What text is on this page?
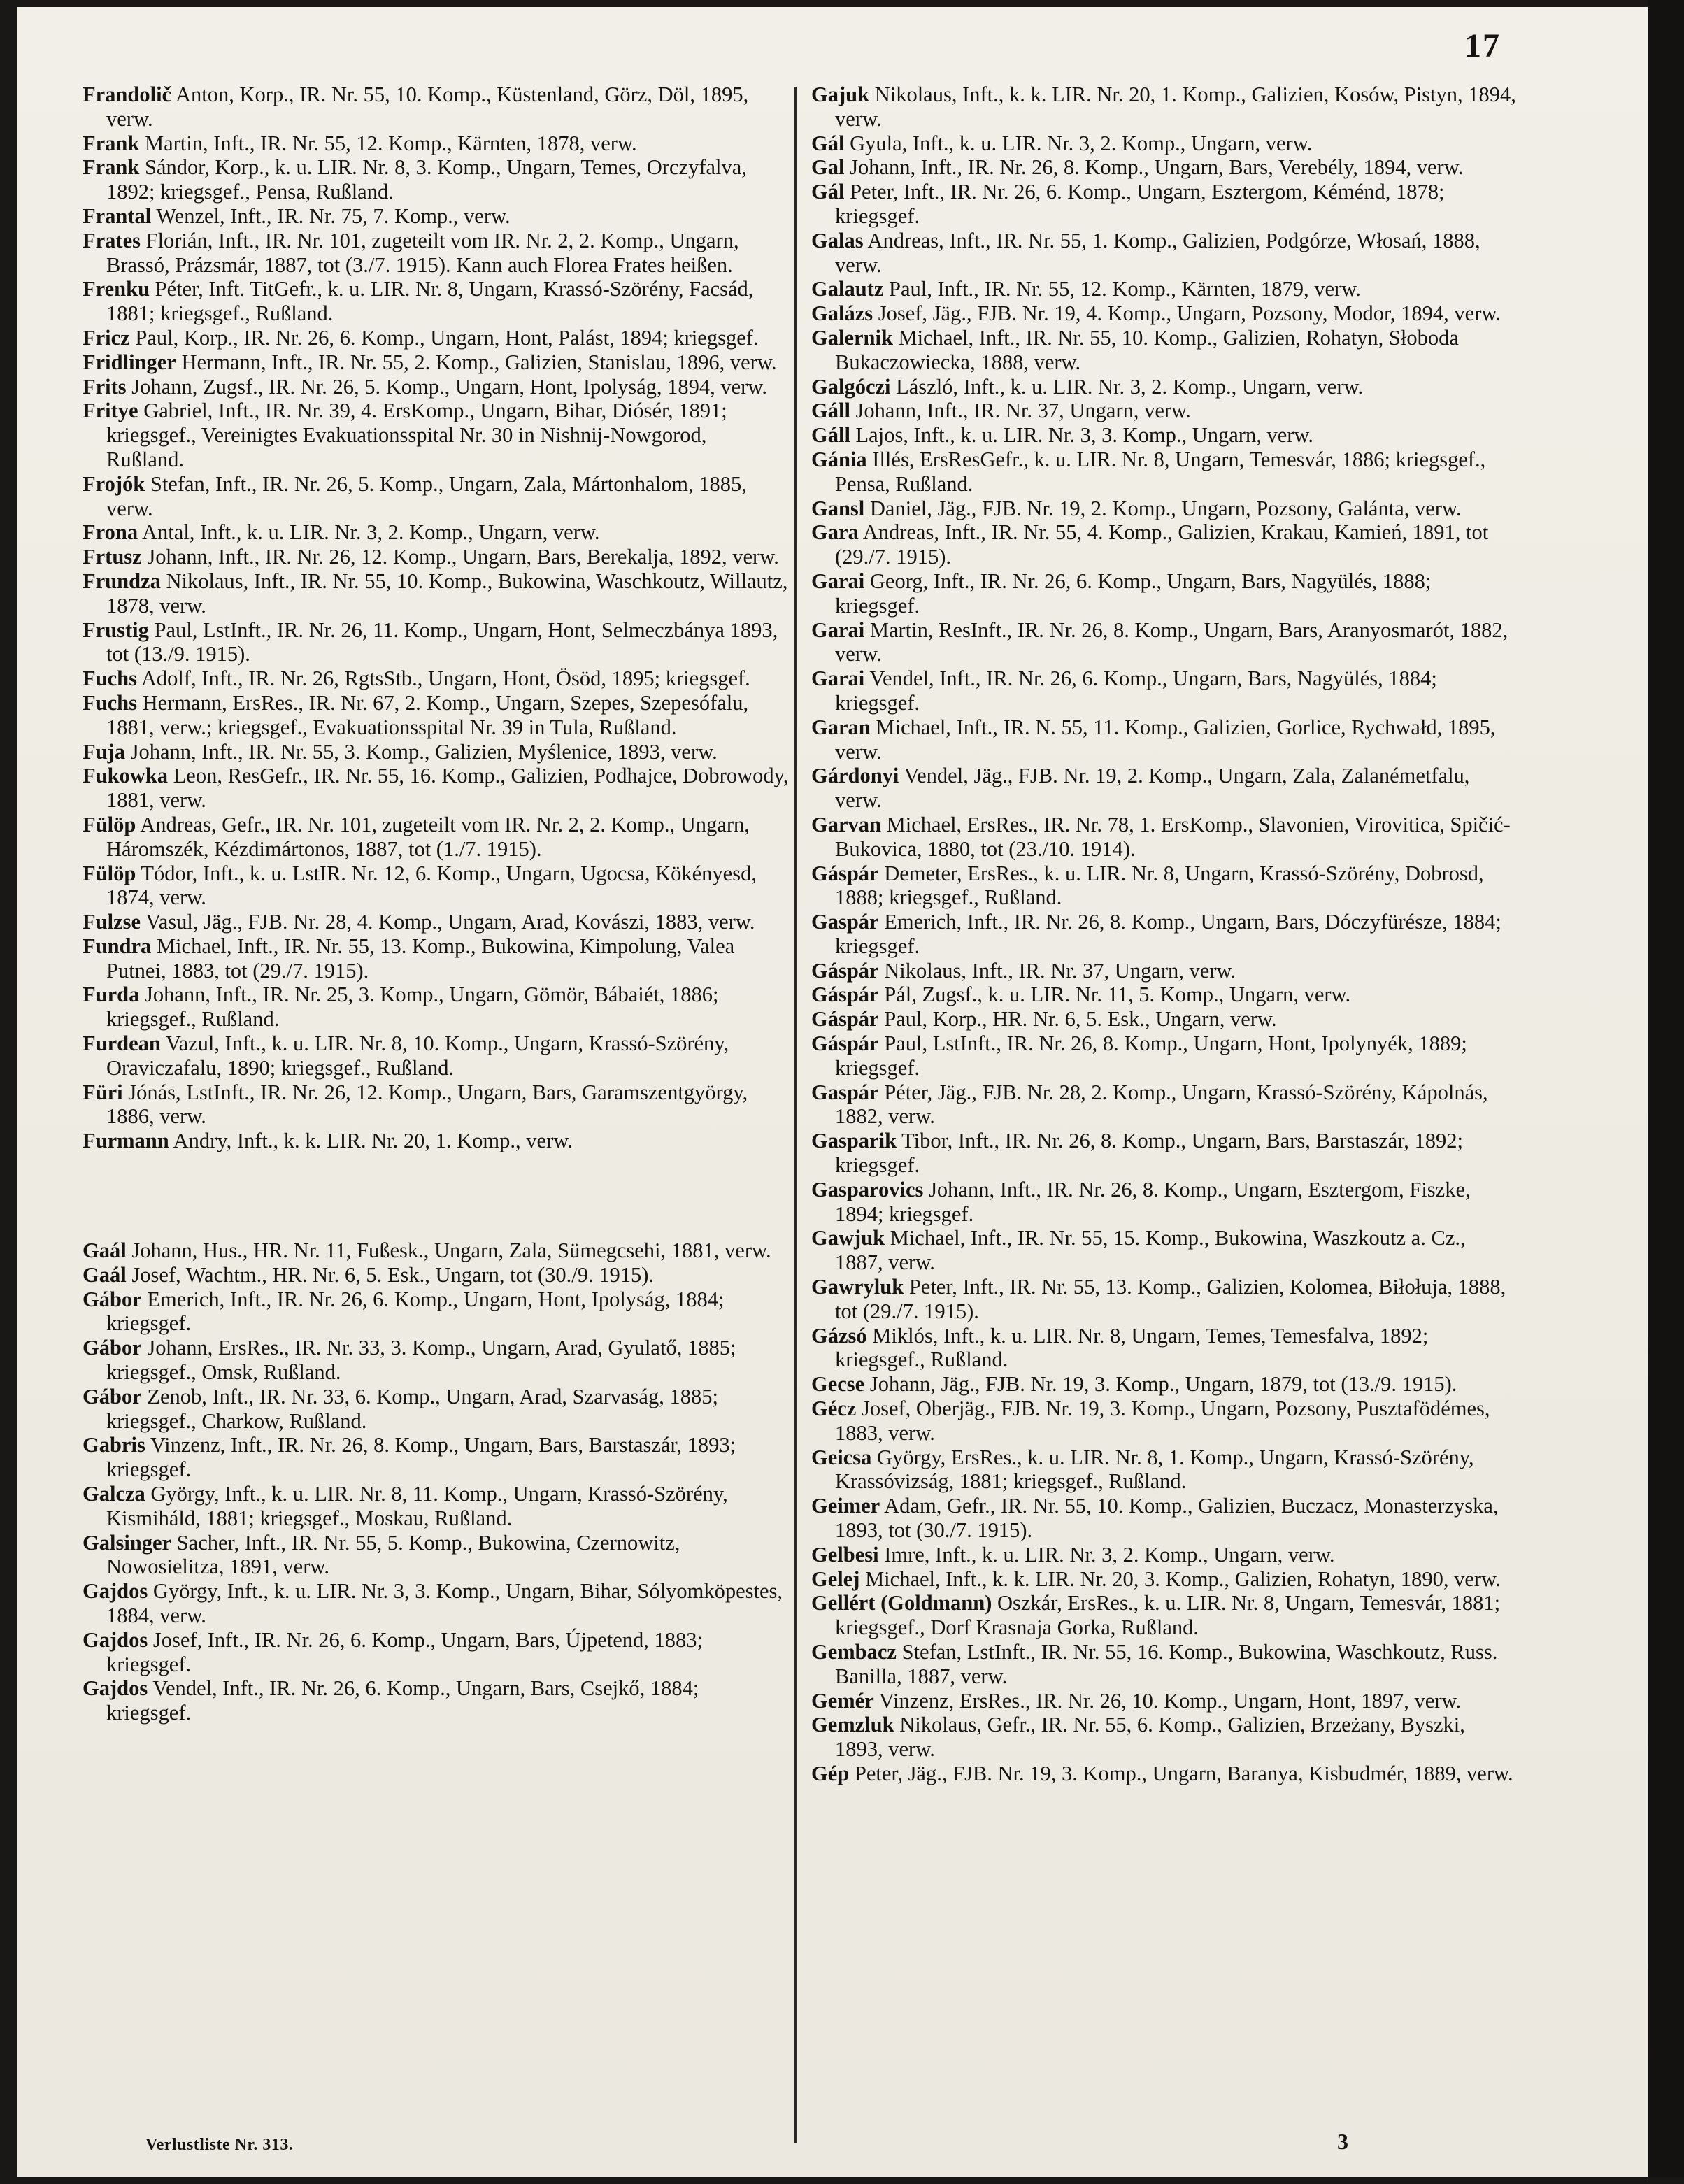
17

Frandolič Anton, Korp., IR. Nr. 55, 10. Komp., Küstenland, Görz, Döl, 1895, verw.

Frank Martin, Inft., IR. Nr. 55, 12. Komp., Kärnten, 1878, verw.

Frank Sándor, Korp., k. u. LIR. Nr. 8, 3. Komp., Ungarn, Temes, Orczyfalva, 1892; kriegsgef., Pensa, Rußland.

Frantal Wenzel, Inft., IR. Nr. 75, 7. Komp., verw.

Frates Florián, Inft., IR. Nr. 101, zugeteilt vom IR. Nr. 2, 2. Komp., Ungarn, Brassó, Prázsmár, 1887, tot (3./7. 1915). Kann auch Florea Frates heißen.

Frenku Péter, Inft. TitGefr., k. u. LIR. Nr. 8, Ungarn, Krassó-Szörény, Facsád, 1881; kriegsgef., Rußland.

Fricz Paul, Korp., IR. Nr. 26, 6. Komp., Ungarn, Hont, Palást, 1894; kriegsgef.

Fridlinger Hermann, Inft., IR. Nr. 55, 2. Komp., Galizien, Stanislau, 1896, verw.

Frits Johann, Zugsf., IR. Nr. 26, 5. Komp., Ungarn, Hont, Ipolyság, 1894, verw.

Fritye Gabriel, Inft., IR. Nr. 39, 4. ErsKomp., Ungarn, Bihar, Diósér, 1891; kriegsgef., Vereinigtes Evakuationsspital Nr. 30 in Nishnij-Nowgorod, Rußland.

Frojók Stefan, Inft., IR. Nr. 26, 5. Komp., Ungarn, Zala, Mártonhalom, 1885, verw.

Frona Antal, Inft., k. u. LIR. Nr. 3, 2. Komp., Ungarn, verw.

Frtusz Johann, Inft., IR. Nr. 26, 12. Komp., Ungarn, Bars, Berekalja, 1892, verw.

Frundza Nikolaus, Inft., IR. Nr. 55, 10. Komp., Bukowina, Waschkoutz, Willautz, 1878, verw.

Frustig Paul, LstInft., IR. Nr. 26, 11. Komp., Ungarn, Hont, Selmeczbánya 1893, tot (13./9. 1915).

Fuchs Adolf, Inft., IR. Nr. 26, RgtsStb., Ungarn, Hont, Ösöd, 1895; kriegsgef.

Fuchs Hermann, ErsRes., IR. Nr. 67, 2. Komp., Ungarn, Szepes, Szepesófalu, 1881, verw.; kriegsgef., Evakuationsspital Nr. 39 in Tula, Rußland.

Fuja Johann, Inft., IR. Nr. 55, 3. Komp., Galizien, Myślenice, 1893, verw.

Fukowka Leon, ResGefr., IR. Nr. 55, 16. Komp., Galizien, Podhajce, Dobrowody, 1881, verw.

Fülöp Andreas, Gefr., IR. Nr. 101, zugeteilt vom IR. Nr. 2, 2. Komp., Ungarn, Háromszék, Kézdimártonos, 1887, tot (1./7. 1915).

Fülöp Tódor, Inft., k. u. LstIR. Nr. 12, 6. Komp., Ungarn, Ugocsa, Kökényesd, 1874, verw.

Fulzse Vasul, Jäg., FJB. Nr. 28, 4. Komp., Ungarn, Arad, Kovászi, 1883, verw.

Fundra Michael, Inft., IR. Nr. 55, 13. Komp., Bukowina, Kimpolung, Valea Putnei, 1883, tot (29./7. 1915).

Furda Johann, Inft., IR. Nr. 25, 3. Komp., Ungarn, Gömör, Bábaiét, 1886; kriegsgef., Rußland.

Furdean Vazul, Inft., k. u. LIR. Nr. 8, 10. Komp., Ungarn, Krassó-Szörény, Oraviczafalu, 1890; kriegsgef., Rußland.

Füri Jónás, LstInft., IR. Nr. 26, 12. Komp., Ungarn, Bars, Garamszentgyörgy, 1886, verw.

Furmann Andry, Inft., k. k. LIR. Nr. 20, 1. Komp., verw.

Gaál Johann, Hus., HR. Nr. 11, Fußesk., Ungarn, Zala, Sümegcsehi, 1881, verw.

Gaál Josef, Wachtm., HR. Nr. 6, 5. Esk., Ungarn, tot (30./9. 1915).

Gábor Emerich, Inft., IR. Nr. 26, 6. Komp., Ungarn, Hont, Ipolyság, 1884; kriegsgef.

Gábor Johann, ErsRes., IR. Nr. 33, 3. Komp., Ungarn, Arad, Gyulatő, 1885; kriegsgef., Omsk, Rußland.

Gábor Zenob, Inft., IR. Nr. 33, 6. Komp., Ungarn, Arad, Szarvaság, 1885; kriegsgef., Charkow, Rußland.

Gabris Vinzenz, Inft., IR. Nr. 26, 8. Komp., Ungarn, Bars, Barstaszár, 1893; kriegsgef.

Galcza György, Inft., k. u. LIR. Nr. 8, 11. Komp., Ungarn, Krassó-Szörény, Kismiháld, 1881; kriegsgef., Moskau, Rußland.

Galsinger Sacher, Inft., IR. Nr. 55, 5. Komp., Bukowina, Czernowitz, Nowosielitza, 1891, verw.

Gajdos György, Inft., k. u. LIR. Nr. 3, 3. Komp., Ungarn, Bihar, Sólyomköpestes, 1884, verw.

Gajdos Josef, Inft., IR. Nr. 26, 6. Komp., Ungarn, Bars, Újpetend, 1883; kriegsgef.

Gajdos Vendel, Inft., IR. Nr. 26, 6. Komp., Ungarn, Bars, Csejkő, 1884; kriegsgef.

Gajuk Nikolaus, Inft., k. k. LIR. Nr. 20, 1. Komp., Galizien, Kosów, Pistyn, 1894, verw.

Gál Gyula, Inft., k. u. LIR. Nr. 3, 2. Komp., Ungarn, verw.

Gal Johann, Inft., IR. Nr. 26, 8. Komp., Ungarn, Bars, Verebély, 1894, verw.

Gál Peter, Inft., IR. Nr. 26, 6. Komp., Ungarn, Esztergom, Kéménd, 1878; kriegsgef.

Galas Andreas, Inft., IR. Nr. 55, 1. Komp., Galizien, Podgórze, Włosań, 1888, verw.

Galautz Paul, Inft., IR. Nr. 55, 12. Komp., Kärnten, 1879, verw.

Galázs Josef, Jäg., FJB. Nr. 19, 4. Komp., Ungarn, Pozsony, Modor, 1894, verw.

Galernik Michael, Inft., IR. Nr. 55, 10. Komp., Galizien, Rohatyn, Słoboda Bukaczowiecka, 1888, verw.

Galgóczi László, Inft., k. u. LIR. Nr. 3, 2. Komp., Ungarn, verw.

Gáll Johann, Inft., IR. Nr. 37, Ungarn, verw.

Gáll Lajos, Inft., k. u. LIR. Nr. 3, 3. Komp., Ungarn, verw.

Gánia Illés, ErsResGefr., k. u. LIR. Nr. 8, Ungarn, Temesvár, 1886; kriegsgef., Pensa, Rußland.

Gansl Daniel, Jäg., FJB. Nr. 19, 2. Komp., Ungarn, Pozsony, Galánta, verw.

Gara Andreas, Inft., IR. Nr. 55, 4. Komp., Galizien, Krakau, Kamień, 1891, tot (29./7. 1915).

Garai Georg, Inft., IR. Nr. 26, 6. Komp., Ungarn, Bars, Nagyülés, 1888; kriegsgef.

Garai Martin, ResInft., IR. Nr. 26, 8. Komp., Ungarn, Bars, Aranyosmarót, 1882, verw.

Garai Vendel, Inft., IR. Nr. 26, 6. Komp., Ungarn, Bars, Nagyülés, 1884; kriegsgef.

Garan Michael, Inft., IR. N. 55, 11. Komp., Galizien, Gorlice, Rychwałd, 1895, verw.

Gárdonyi Vendel, Jäg., FJB. Nr. 19, 2. Komp., Ungarn, Zala, Zalanémetfalu, verw.

Garvan Michael, ErsRes., IR. Nr. 78, 1. ErsKomp., Slavonien, Virovitica, Spičić-Bukovica, 1880, tot (23./10. 1914).

Gáspár Demeter, ErsRes., k. u. LIR. Nr. 8, Ungarn, Krassó-Szörény, Dobrosd, 1888; kriegsgef., Rußland.

Gaspár Emerich, Inft., IR. Nr. 26, 8. Komp., Ungarn, Bars, Dóczyfürésze, 1884; kriegsgef.

Gáspár Nikolaus, Inft., IR. Nr. 37, Ungarn, verw.

Gáspár Pál, Zugsf., k. u. LIR. Nr. 11, 5. Komp., Ungarn, verw.

Gáspár Paul, Korp., HR. Nr. 6, 5. Esk., Ungarn, verw.

Gáspár Paul, LstInft., IR. Nr. 26, 8. Komp., Ungarn, Hont, Ipolynyék, 1889; kriegsgef.

Gaspár Péter, Jäg., FJB. Nr. 28, 2. Komp., Ungarn, Krassó-Szörény, Kápolnás, 1882, verw.

Gasparik Tibor, Inft., IR. Nr. 26, 8. Komp., Ungarn, Bars, Barstaszár, 1892; kriegsgef.

Gasparovics Johann, Inft., IR. Nr. 26, 8. Komp., Ungarn, Esztergom, Fiszke, 1894; kriegsgef.

Gawjuk Michael, Inft., IR. Nr. 55, 15. Komp., Bukowina, Waszkoutz a. Cz., 1887, verw.

Gawryluk Peter, Inft., IR. Nr. 55, 13. Komp., Galizien, Kolomea, Biłołuja, 1888, tot (29./7. 1915).

Gázsó Miklós, Inft., k. u. LIR. Nr. 8, Ungarn, Temes, Temesfalva, 1892; kriegsgef., Rußland.

Gecse Johann, Jäg., FJB. Nr. 19, 3. Komp., Ungarn, 1879, tot (13./9. 1915).

Gécz Josef, Oberjäg., FJB. Nr. 19, 3. Komp., Ungarn, Pozsony, Pusztafödémes, 1883, verw.

Geicsa György, ErsRes., k. u. LIR. Nr. 8, 1. Komp., Ungarn, Krassó-Szörény, Krassóvizság, 1881; kriegsgef., Rußland.

Geimer Adam, Gefr., IR. Nr. 55, 10. Komp., Galizien, Buczacz, Monasterzyska, 1893, tot (30./7. 1915).

Gelbesi Imre, Inft., k. u. LIR. Nr. 3, 2. Komp., Ungarn, verw.

Gelej Michael, Inft., k. k. LIR. Nr. 20, 3. Komp., Galizien, Rohatyn, 1890, verw.

Gellért (Goldmann) Oszkár, ErsRes., k. u. LIR. Nr. 8, Ungarn, Temesvár, 1881; kriegsgef., Dorf Krasnaja Gorka, Rußland.

Gembacz Stefan, LstInft., IR. Nr. 55, 16. Komp., Bukowina, Waschkoutz, Russ. Banilla, 1887, verw.

Gemér Vinzenz, ErsRes., IR. Nr. 26, 10. Komp., Ungarn, Hont, 1897, verw.

Gemzluk Nikolaus, Gefr., IR. Nr. 55, 6. Komp., Galizien, Brzeżany, Byszki, 1893, verw.

Gép Peter, Jäg., FJB. Nr. 19, 3. Komp., Ungarn, Baranya, Kisbudmér, 1889, verw.

Verlustliste Nr. 313.	3
